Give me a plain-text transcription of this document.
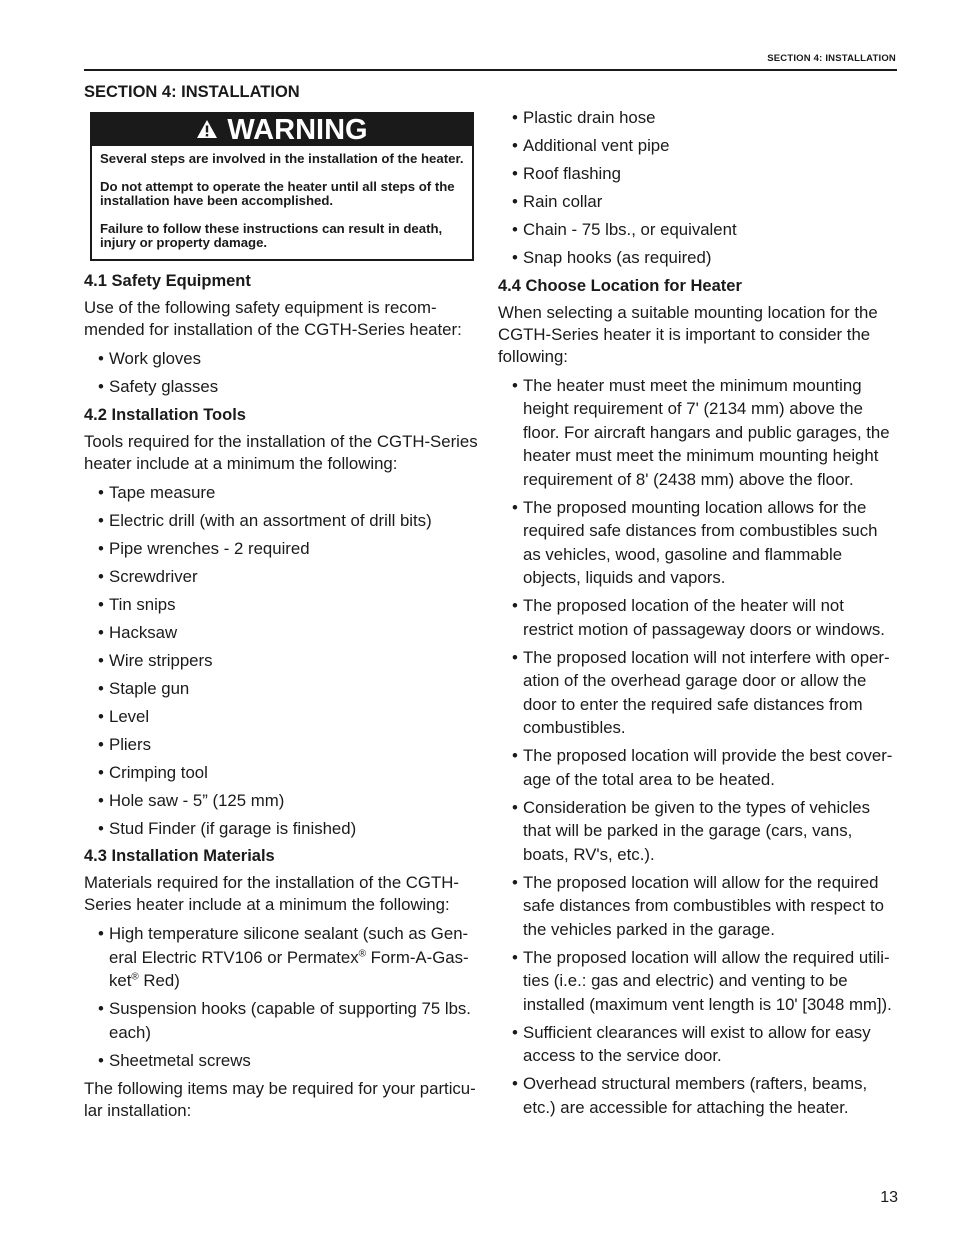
SECTION 4: INSTALLATION
SECTION 4: INSTALLATION
WARNING

Several steps are involved in the installation of the heater.

Do not attempt to operate the heater until all steps of the installation have been accomplished.

Failure to follow these instructions can result in death, injury or property damage.

4.1 Safety Equipment
Use of the following safety equipment is recom-mended for installation of the CGTH-Series heater:
• Work gloves
• Safety glasses
4.2 Installation Tools
Tools required for the installation of the CGTH-Series heater include at a minimum the following:
• Tape measure
• Electric drill (with an assortment of drill bits)
• Pipe wrenches - 2 required
• Screwdriver
• Tin snips
• Hacksaw
• Wire strippers
• Staple gun
• Level
• Pliers
• Crimping tool
• Hole saw - 5” (125 mm)
• Stud Finder (if garage is finished)
4.3 Installation Materials
Materials required for the installation of the CGTH-Series heater include at a minimum the following:
• High temperature silicone sealant (such as Gen-eral Electric RTV106 or Permatex® Form-A-Gas-ket® Red)
• Suspension hooks (capable of supporting 75 lbs. each)
• Sheetmetal screws
The following items may be required for your particu-lar installation:
• Plastic drain hose
• Additional vent pipe
• Roof flashing
• Rain collar
• Chain - 75 lbs., or equivalent
• Snap hooks (as required)
4.4 Choose Location for Heater
When selecting a suitable mounting location for the CGTH-Series heater it is important to consider the following:
• The heater must meet the minimum mounting height requirement of 7' (2134 mm) above the floor. For aircraft hangars and public garages, the heater must meet the minimum mounting height requirement of 8' (2438 mm) above the floor.
• The proposed mounting location allows for the required safe distances from combustibles such as vehicles, wood, gasoline and flammable objects, liquids and vapors.
• The proposed location of the heater will not restrict motion of passageway doors or windows.
• The proposed location will not interfere with oper-ation of the overhead garage door or allow the door to enter the required safe distances from combustibles.
• The proposed location will provide the best cover-age of the total area to be heated.
• Consideration be given to the types of vehicles that will be parked in the garage (cars, vans, boats, RV's, etc.).
• The proposed location will allow for the required safe distances from combustibles with respect to the vehicles parked in the garage.
• The proposed location will allow the required utili-ties (i.e.: gas and electric) and venting to be installed (maximum vent length is 10' [3048 mm]).
• Sufficient clearances will exist to allow for easy access to the service door.
• Overhead structural members (rafters, beams, etc.) are accessible for attaching the heater.
13
